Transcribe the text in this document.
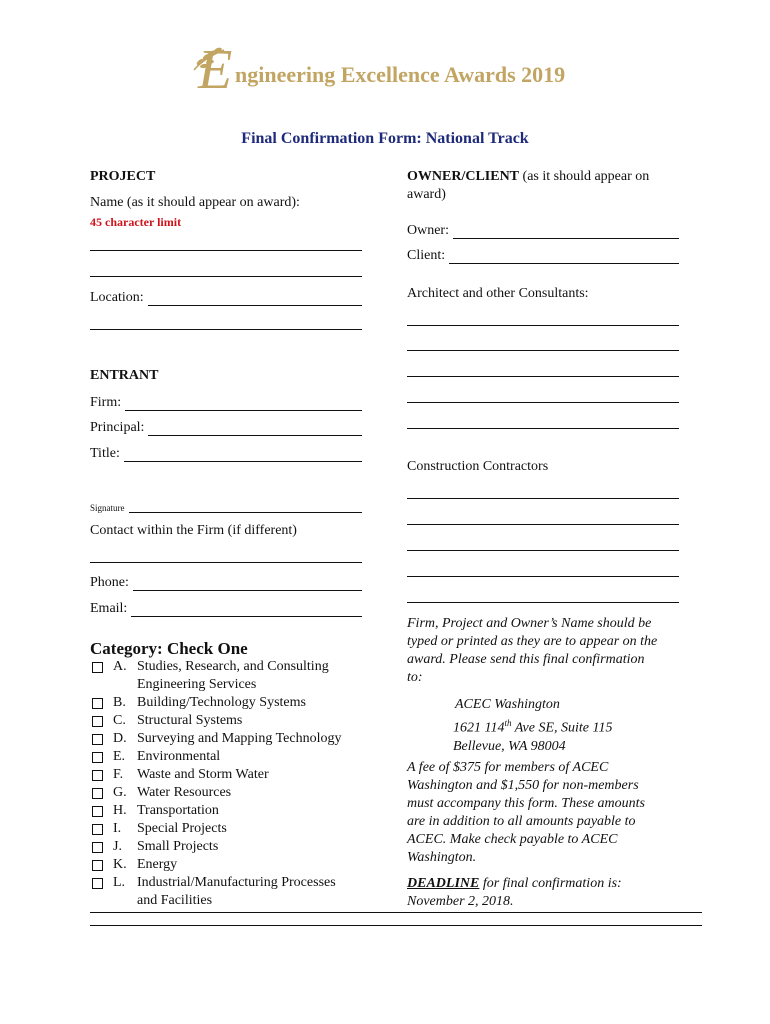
E ngineering Excellence Awards 2019
Final Confirmation Form: National Track
PROJECT
Name (as it should appear on award):
45 character limit
Location:
ENTRANT
Firm:
Principal:
Title:
Signature
Contact within the Firm (if different)
Phone:
Email:
Category: Check One
A. Studies, Research, and Consulting
Engineering Services
B. Building/Technology Systems
C. Structural Systems
D. Surveying and Mapping Technology
E. Environmental
F. Waste and Storm Water
G. Water Resources
H. Transportation
I.	Special Projects
J.	Small Projects
K. Energy
L. Industrial/Manufacturing Processes
and Facilities
OWNER/CLIENT (as it should appear on
award)
Owner:
Client:
Architect and other Consultants:
Construction Contractors
Firm, Project and Owner’s Name should be
typed or printed as they are to appear on the
award. Please send this final confirmation
to:
ACEC Washington
1621 114th Ave SE, Suite 115
Bellevue, WA 98004
A fee of $375 for members of ACEC
Washington and $1,550 for non-members
must accompany this form. These amounts
are in addition to all amounts payable to
ACEC. Make check payable to ACEC
Washington.
DEADLINE for final confirmation is:
November 2, 2018.
